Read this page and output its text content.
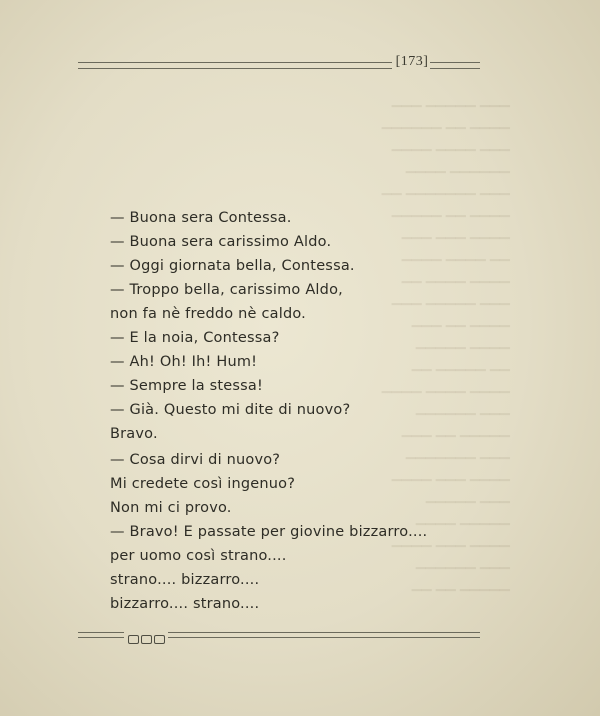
▁▁▁ ▁▁▁▁▁ ▁▁▁
▁▁▁▁ ▁▁ ▁▁▁▁▁▁
▁▁▁ ▁▁▁▁ ▁▁▁▁
▁▁▁▁▁▁ ▁▁▁▁
▁▁▁ ▁▁▁▁▁▁▁ ▁▁
▁▁▁▁ ▁▁ ▁▁▁▁▁
▁▁▁▁ ▁▁▁ ▁▁▁
▁▁ ▁▁▁▁ ▁▁▁▁
▁▁▁▁ ▁▁▁▁ ▁▁
▁▁▁ ▁▁▁▁▁ ▁▁▁
▁▁▁▁ ▁▁ ▁▁▁
▁▁▁▁ ▁▁▁▁▁
▁▁ ▁▁▁▁▁ ▁▁
▁▁▁▁ ▁▁▁▁ ▁▁▁▁
▁▁▁ ▁▁▁▁▁▁
▁▁▁▁▁ ▁▁ ▁▁▁
▁▁▁ ▁▁▁▁▁▁▁
▁▁▁▁ ▁▁▁ ▁▁▁▁
▁▁▁ ▁▁▁▁▁
▁▁▁▁▁ ▁▁▁▁
▁▁▁▁ ▁▁▁ ▁▁▁▁
▁▁▁ ▁▁▁▁▁▁
▁▁▁▁▁ ▁▁ ▁▁
[173]
— Buona sera Contessa.
— Buona sera carissimo Aldo.
— Oggi giornata bella, Contessa.
— Troppo bella, carissimo Aldo,
non fa nè freddo nè caldo.
— E la noia, Contessa?
— Ah! Oh! Ih! Hum!
— Sempre la stessa!
— Già. Questo mi dite di nuovo?
Bravo.
— Cosa dirvi di nuovo?
Mi credete così ingenuo?
Non mi ci provo.
— Bravo! E passate per giovine bizzarro....
per uomo così strano....
strano.... bizzarro....
bizzarro.... strano....
